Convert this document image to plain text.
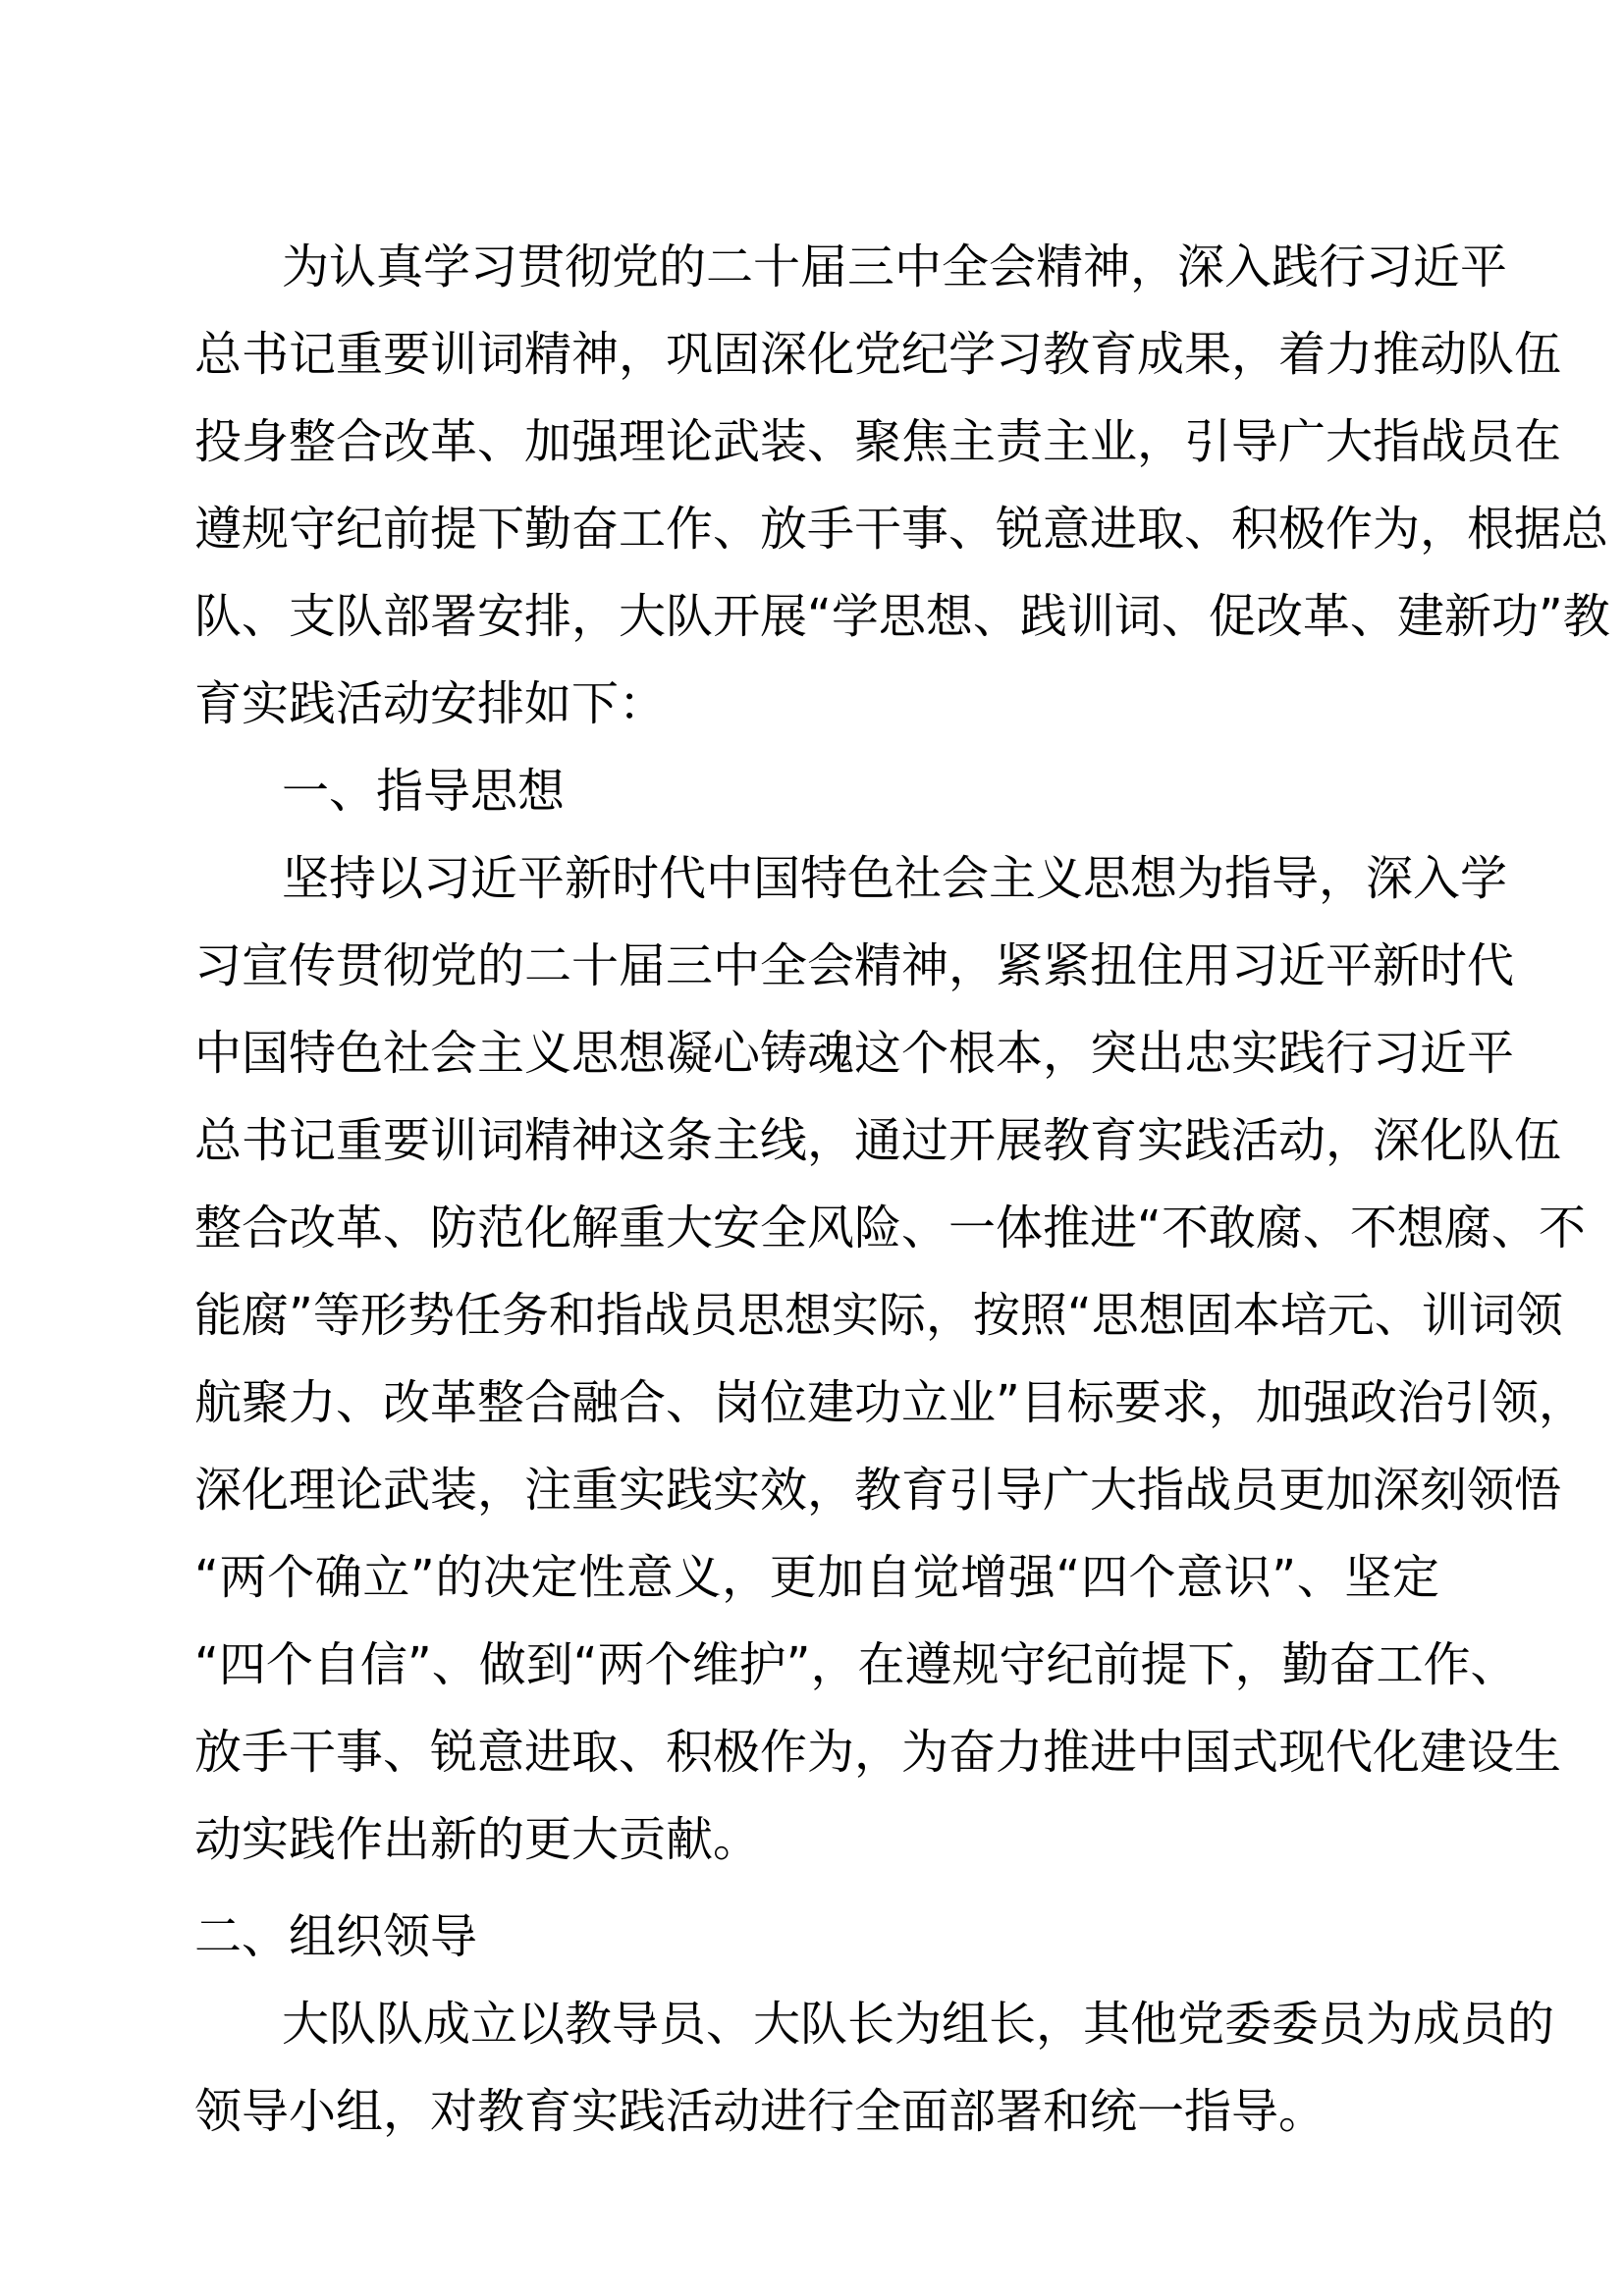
为认真学习贯彻党的二十届三中全会精神，深入践行习近平
总书记重要训词精神，巩固深化党纪学习教育成果，着力推动队伍
投身整合改革、加强理论武装、聚焦主责主业，引导广大指战员在
遵规守纪前提下勤奋工作、放手干事、锐意进取、积极作为，根据总
队、支队部署安排，大队开展“学思想、践训词、促改革、建新功”教
育实践活动安排如下：
一、指导思想
坚持以习近平新时代中国特色社会主义思想为指导，深入学
习宣传贯彻党的二十届三中全会精神，紧紧扭住用习近平新时代
中国特色社会主义思想凝心铸魂这个根本，突出忠实践行习近平
总书记重要训词精神这条主线，通过开展教育实践活动，深化队伍
整合改革、防范化解重大安全风险、一体推进“不敢腐、不想腐、不
能腐”等形势任务和指战员思想实际，按照“思想固本培元、训词领
航聚力、改革整合融合、岗位建功立业”目标要求，加强政治引领，
深化理论武装，注重实践实效，教育引导广大指战员更加深刻领悟
“两个确立”的决定性意义，更加自觉增强“四个意识”、坚定
“四个自信”、做到“两个维护”，在遵规守纪前提下，勤奋工作、
放手干事、锐意进取、积极作为，为奋力推进中国式现代化建设生
动实践作出新的更大贡献。
二、组织领导
大队队成立以教导员、大队长为组长，其他党委委员为成员的
领导小组，对教育实践活动进行全面部署和统一指导。
